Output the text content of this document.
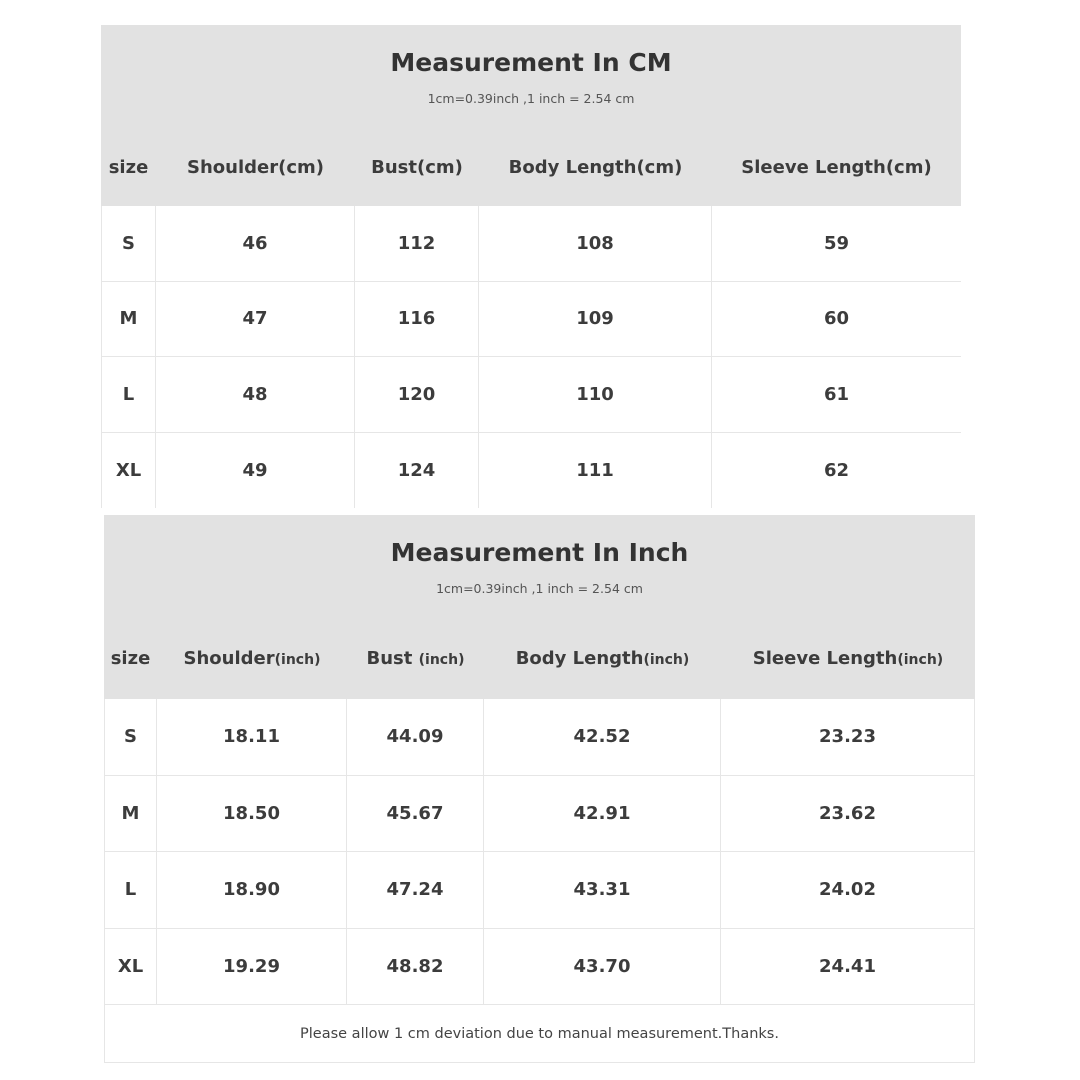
Measurement In CM
1cm=0.39inch ,1 inch = 2.54 cm
size	Shoulder(cm)	Bust(cm)	Body Length(cm)	Sleeve Length(cm)
S	46	112	108	59
M	47	116	109	60
L	48	120	110	61
XL	49	124	111	62
Measurement In Inch
1cm=0.39inch ,1 inch = 2.54 cm
size	Shoulder(inch)	Bust (inch)	Body Length(inch)	Sleeve Length(inch)
S	18.11	44.09	42.52	23.23
M	18.50	45.67	42.91	23.62
L	18.90	47.24	43.31	24.02
XL	19.29	48.82	43.70	24.41
Please allow 1 cm deviation due to manual measurement.Thanks.
